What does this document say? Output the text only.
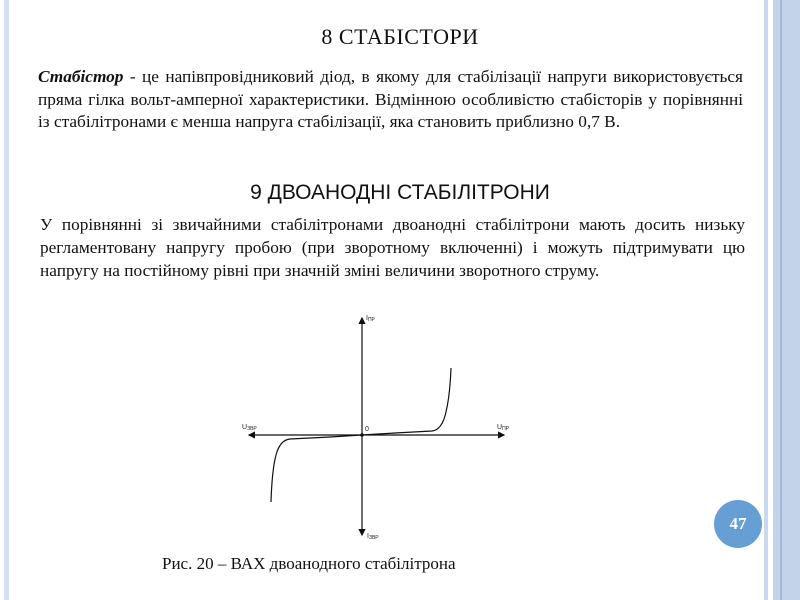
8 СТАБІСТОРИ
Стабістор - це напівпровідниковий діод, в якому для стабілізації напруги використовується пряма гілка вольт-амперної характеристики. Відмінною особливістю стабісторів у порівнянні із стабілітронами є менша напруга стабілізації, яка становить приблизно 0,7 В.
9 ДВОАНОДНІ СТАБІЛІТРОНИ
У порівнянні зі звичайними стабілітронами двоанодні стабілітрони мають досить низьку регламентовану напругу пробою (при зворотному включенні) і можуть підтримувати цю напругу на постійному рівні при значній зміні величини зворотного струму.
IПР
IЗВР
UПР
UЗВР	0
Рис. 20 – ВАХ двоанодного стабілітрона
47
